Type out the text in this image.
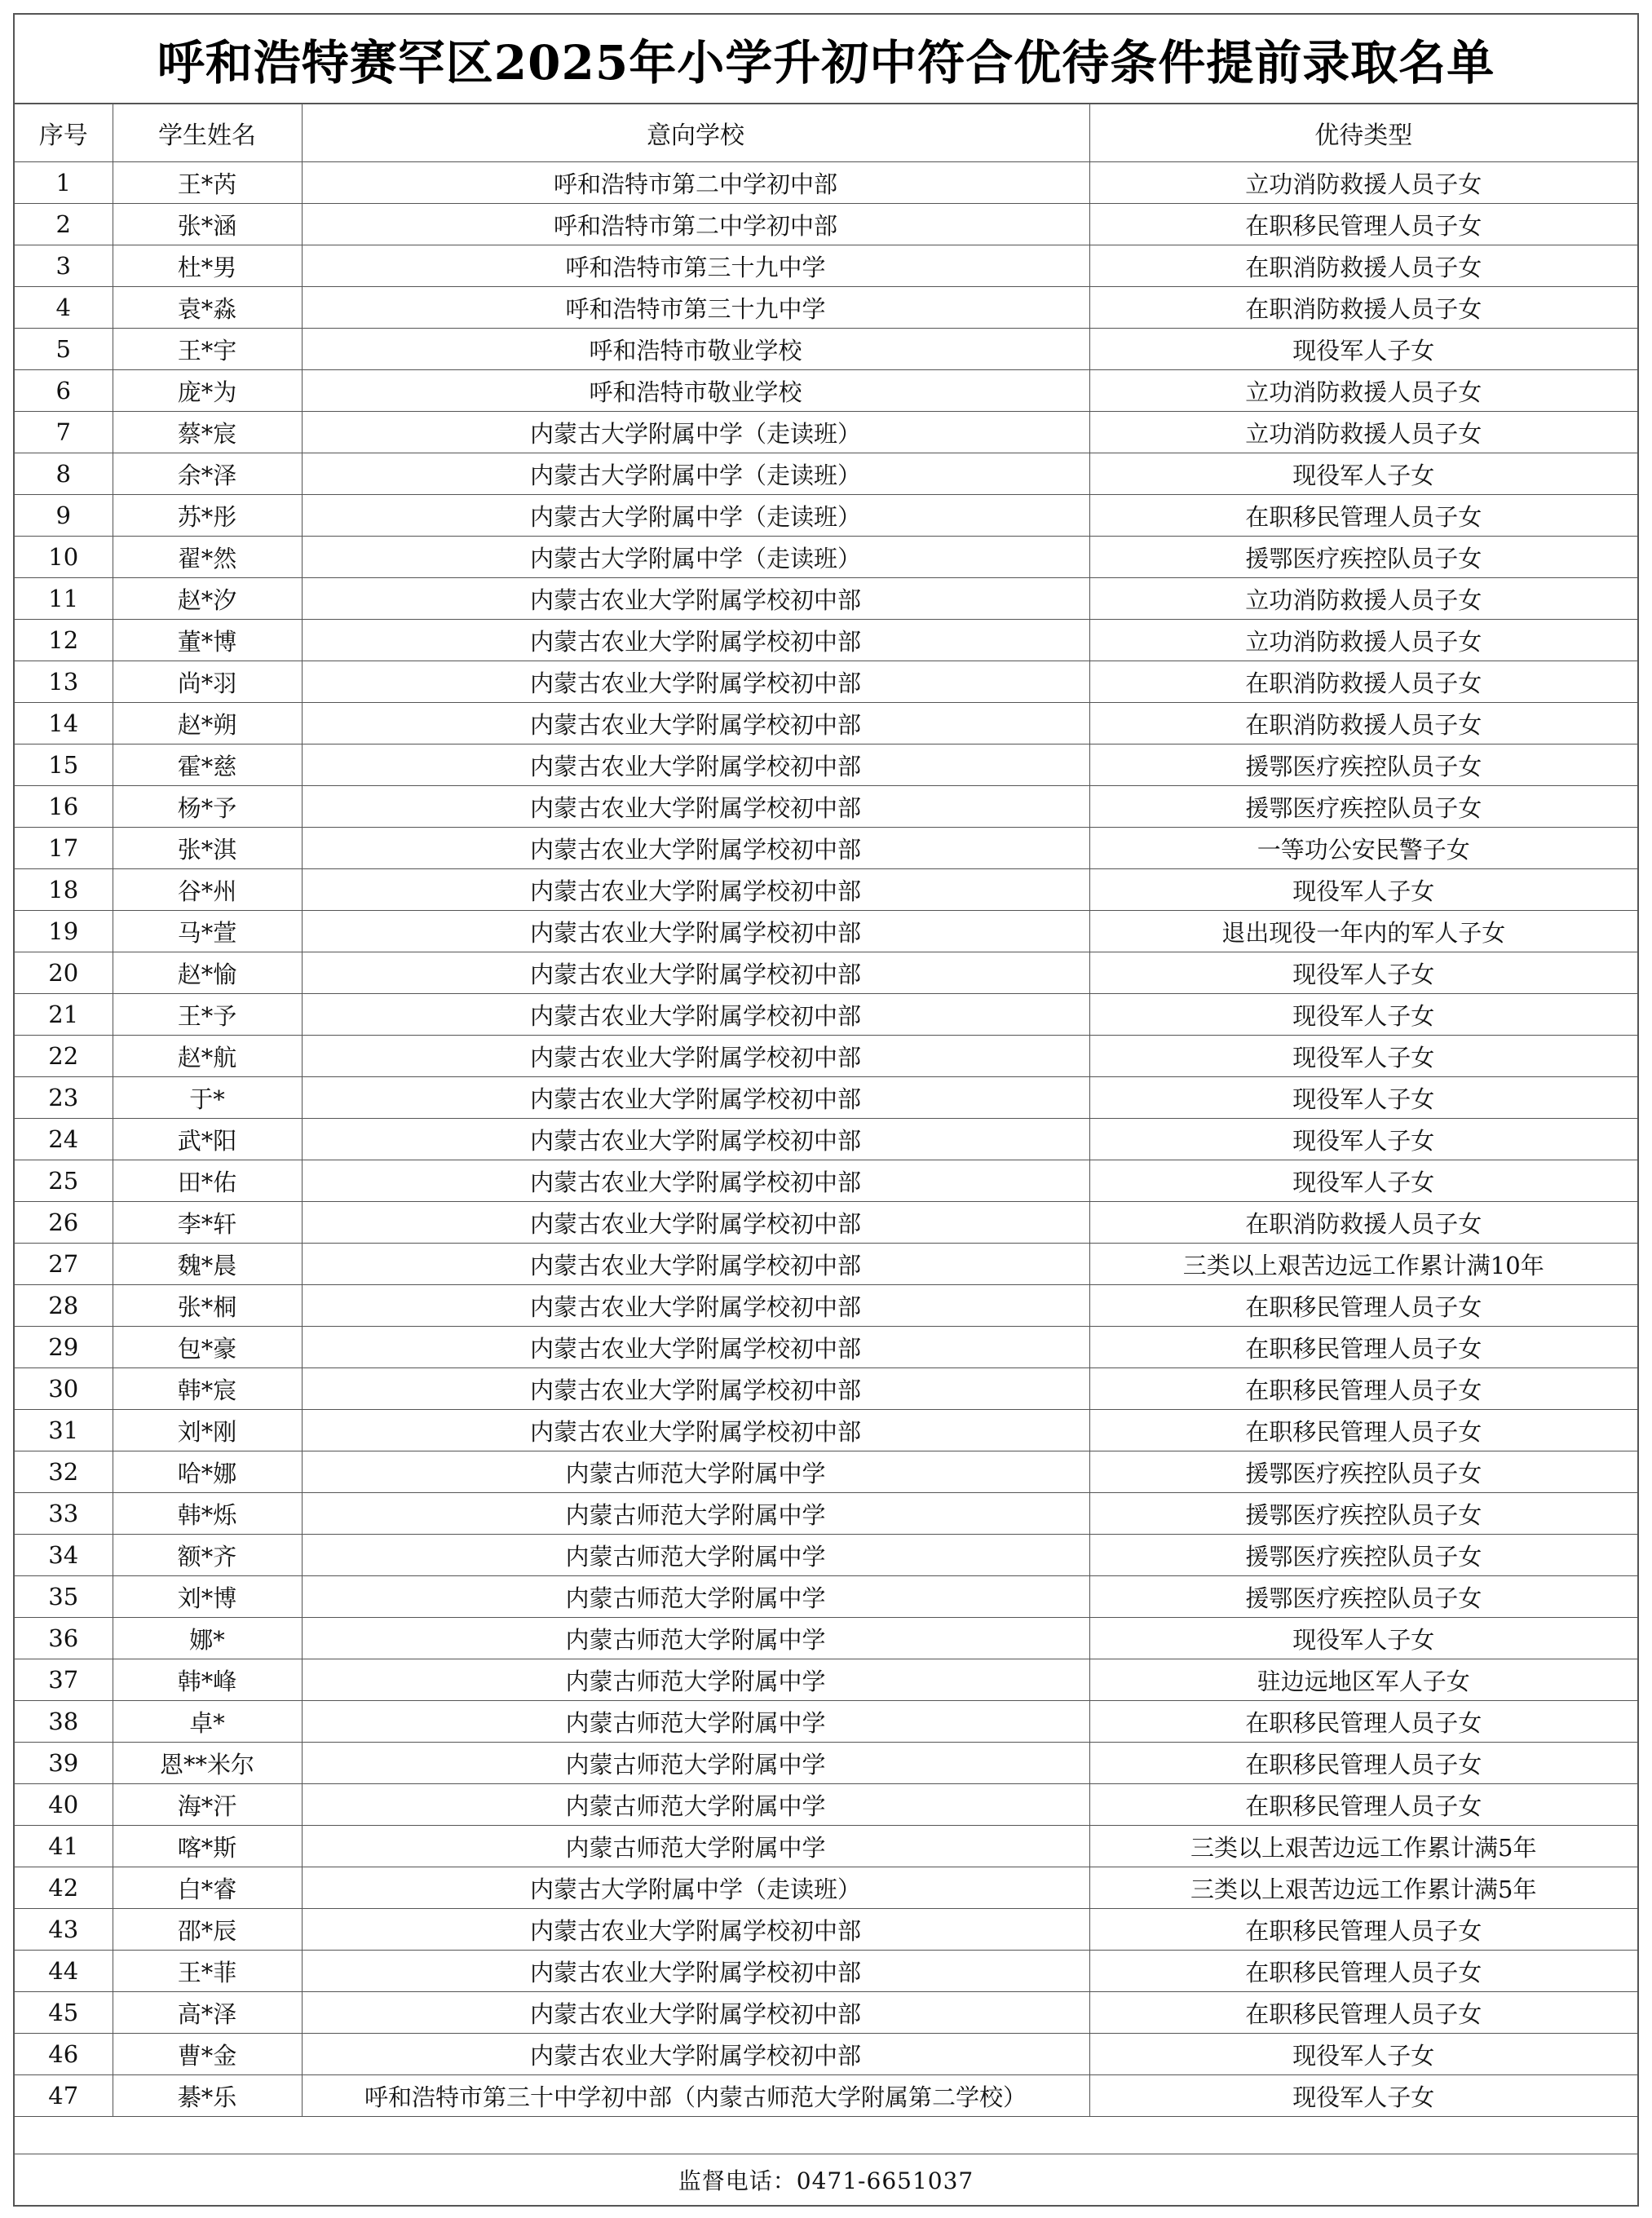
呼和浩特赛罕区2025年小学升初中符合优待条件提前录取名单
序号	学生姓名	意向学校	优待类型
1	王*芮	呼和浩特市第二中学初中部	立功消防救援人员子女
2	张*涵	呼和浩特市第二中学初中部	在职移民管理人员子女
3	杜*男	呼和浩特市第三十九中学	在职消防救援人员子女
4	袁*淼	呼和浩特市第三十九中学	在职消防救援人员子女
5	王*宇	呼和浩特市敬业学校	现役军人子女
6	庞*为	呼和浩特市敬业学校	立功消防救援人员子女
7	蔡*宸	内蒙古大学附属中学（走读班）	立功消防救援人员子女
8	余*泽	内蒙古大学附属中学（走读班）	现役军人子女
9	苏*彤	内蒙古大学附属中学（走读班）	在职移民管理人员子女
10	翟*然	内蒙古大学附属中学（走读班）	援鄂医疗疾控队员子女
11	赵*汐	内蒙古农业大学附属学校初中部	立功消防救援人员子女
12	董*博	内蒙古农业大学附属学校初中部	立功消防救援人员子女
13	尚*羽	内蒙古农业大学附属学校初中部	在职消防救援人员子女
14	赵*朔	内蒙古农业大学附属学校初中部	在职消防救援人员子女
15	霍*慈	内蒙古农业大学附属学校初中部	援鄂医疗疾控队员子女
16	杨*予	内蒙古农业大学附属学校初中部	援鄂医疗疾控队员子女
17	张*淇	内蒙古农业大学附属学校初中部	一等功公安民警子女
18	谷*州	内蒙古农业大学附属学校初中部	现役军人子女
19	马*萱	内蒙古农业大学附属学校初中部	退出现役一年内的军人子女
20	赵*愉	内蒙古农业大学附属学校初中部	现役军人子女
21	王*予	内蒙古农业大学附属学校初中部	现役军人子女
22	赵*航	内蒙古农业大学附属学校初中部	现役军人子女
23	于*	内蒙古农业大学附属学校初中部	现役军人子女
24	武*阳	内蒙古农业大学附属学校初中部	现役军人子女
25	田*佑	内蒙古农业大学附属学校初中部	现役军人子女
26	李*轩	内蒙古农业大学附属学校初中部	在职消防救援人员子女
27	魏*晨	内蒙古农业大学附属学校初中部	三类以上艰苦边远工作累计满10年
28	张*桐	内蒙古农业大学附属学校初中部	在职移民管理人员子女
29	包*豪	内蒙古农业大学附属学校初中部	在职移民管理人员子女
30	韩*宸	内蒙古农业大学附属学校初中部	在职移民管理人员子女
31	刘*刚	内蒙古农业大学附属学校初中部	在职移民管理人员子女
32	哈*娜	内蒙古师范大学附属中学	援鄂医疗疾控队员子女
33	韩*烁	内蒙古师范大学附属中学	援鄂医疗疾控队员子女
34	额*齐	内蒙古师范大学附属中学	援鄂医疗疾控队员子女
35	刘*博	内蒙古师范大学附属中学	援鄂医疗疾控队员子女
36	娜*	内蒙古师范大学附属中学	现役军人子女
37	韩*峰	内蒙古师范大学附属中学	驻边远地区军人子女
38	卓*	内蒙古师范大学附属中学	在职移民管理人员子女
39	恩**米尔	内蒙古师范大学附属中学	在职移民管理人员子女
40	海*汗	内蒙古师范大学附属中学	在职移民管理人员子女
41	喀*斯	内蒙古师范大学附属中学	三类以上艰苦边远工作累计满5年
42	白*睿	内蒙古大学附属中学（走读班）	三类以上艰苦边远工作累计满5年
43	邵*辰	内蒙古农业大学附属学校初中部	在职移民管理人员子女
44	王*菲	内蒙古农业大学附属学校初中部	在职移民管理人员子女
45	高*泽	内蒙古农业大学附属学校初中部	在职移民管理人员子女
46	曹*金	内蒙古农业大学附属学校初中部	现役军人子女
47	綦*乐	呼和浩特市第三十中学初中部（内蒙古师范大学附属第二学校）	现役军人子女
监督电话：0471-6651037
